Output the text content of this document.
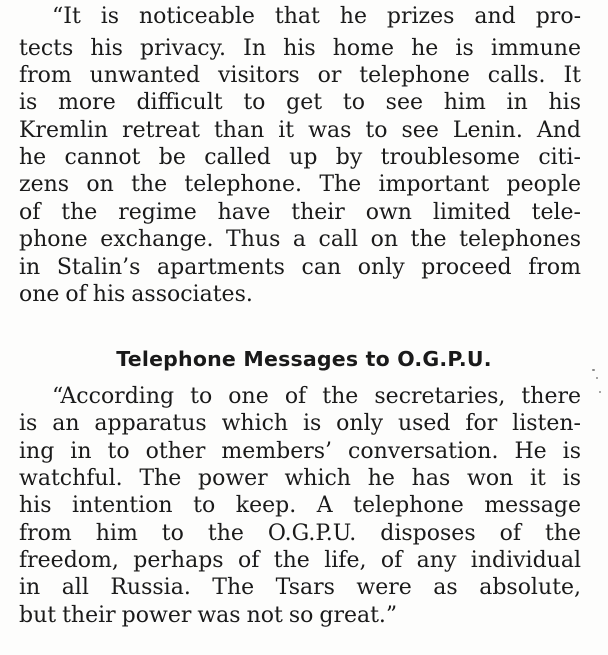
“It is noticeable that he prizes and pro-

tects his privacy. In his home he is immune

from unwanted visitors or telephone calls. It

is more difficult to get to see him in his

Kremlin retreat than it was to see Lenin. And

he cannot be called up by troublesome citi-

zens on the telephone. The important people

of the regime have their own limited tele-

phone exchange. Thus a call on the telephones

in Stalin’s apartments can only proceed from

one of his associates.

Telephone Messages to O.G.P.U.

“According to one of the secretaries, there

is an apparatus which is only used for listen-

ing in to other members’ conversation. He is

watchful. The power which he has won it is

his intention to keep. A telephone message

from him to the O.G.P.U. disposes of the

freedom, perhaps of the life, of any individual

in all Russia. The Tsars were as absolute,

but their power was not so great.”
